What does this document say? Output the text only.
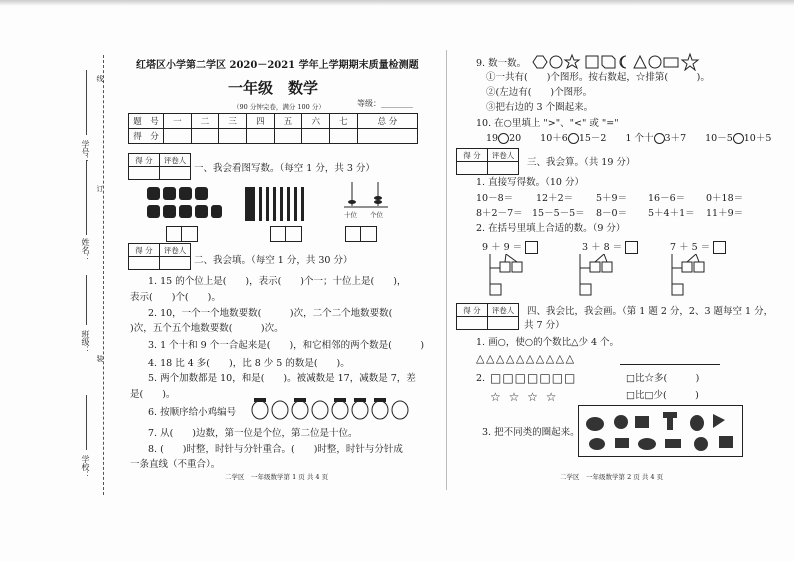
学校：
班级：
姓名：
学号：
装
订
线
红塔区小学第二学区 2020－2021 学年上学期期末质量检测题
一年级　数学
（90 分钟完卷，满分 100 分）	等级：________
题　号	一	二	三	四	五	六	七	总 分
得　分								
得 分	评卷人

一、我会看图写数。（每空 1 分，共 3 分）
十位 个位
得 分	评卷人

二、我会填。（每空 1 分，共 30 分）
1. 15 的个位上是(　　)，表示(　　)个一；十位上是(　　)，
表示(　　)个(　　)。
2. 10，一个一个地数要数(　　　)次，二个二个地数要数(　　　
)次，五个五个地数要数(　　　)次。
3. 1 个十和 9 个一合起来是(　　)，和它相邻的两个数是(　　　)
4. 18 比 4 多(　　)，比 8 少 5 的数是(　　)。
5. 两个加数都是 10，和是(　　)。被减数是 17，减数是 7，差
是(　　)。
6. 按顺序给小鸡编号
7. 从(　　)边数，第一位是个位，第二位是十位。
8. (　　)时整，时针与分针重合。(　　)时整，时针与分针成
一条直线（不重合）。
二学区　一年级数学第 1 页 共 4 页
9. 数一数。
①一共有(　　)个图形。按右数起，☆排第(　　　)。
②(左边有(　　)个图形。
③把右边的 3 个圈起来。
10. 在○里填上 ">"、"<" 或 "="
19 20　　10＋6 15－2　　1 个十 3＋7　　10－5 10＋5
得 分	评卷人

三、我会算。（共 19 分）
1. 直接写得数。（10 分）
10－8＝ 12＋2＝ 5＋9＝ 16－6＝ 0＋18＝
8＋2－7＝ 15－5－5＝ 8－0＝ 5＋4＋1＝ 11＋9＝
2. 在括号里填上合适的数。（9 分）
9 ＋ 9 ＝	3 ＋ 8 ＝	7 ＋ 5 ＝
得 分	评卷人
	四、我会比，我会画。（第 1 题 2 分，2、3 题每空 1 分，
共 7 分）
1. 画○，使○的个数比△少 4 个。
△ △ △ △ △ △ △ △ △ △
2. □□□□□□□	□比☆多(　　　)
☆ ☆ ☆ ☆	□比□少(　　　)
3. 把不同类的圈起来。
二学区　一年级数学第 2 页 共 4 页
